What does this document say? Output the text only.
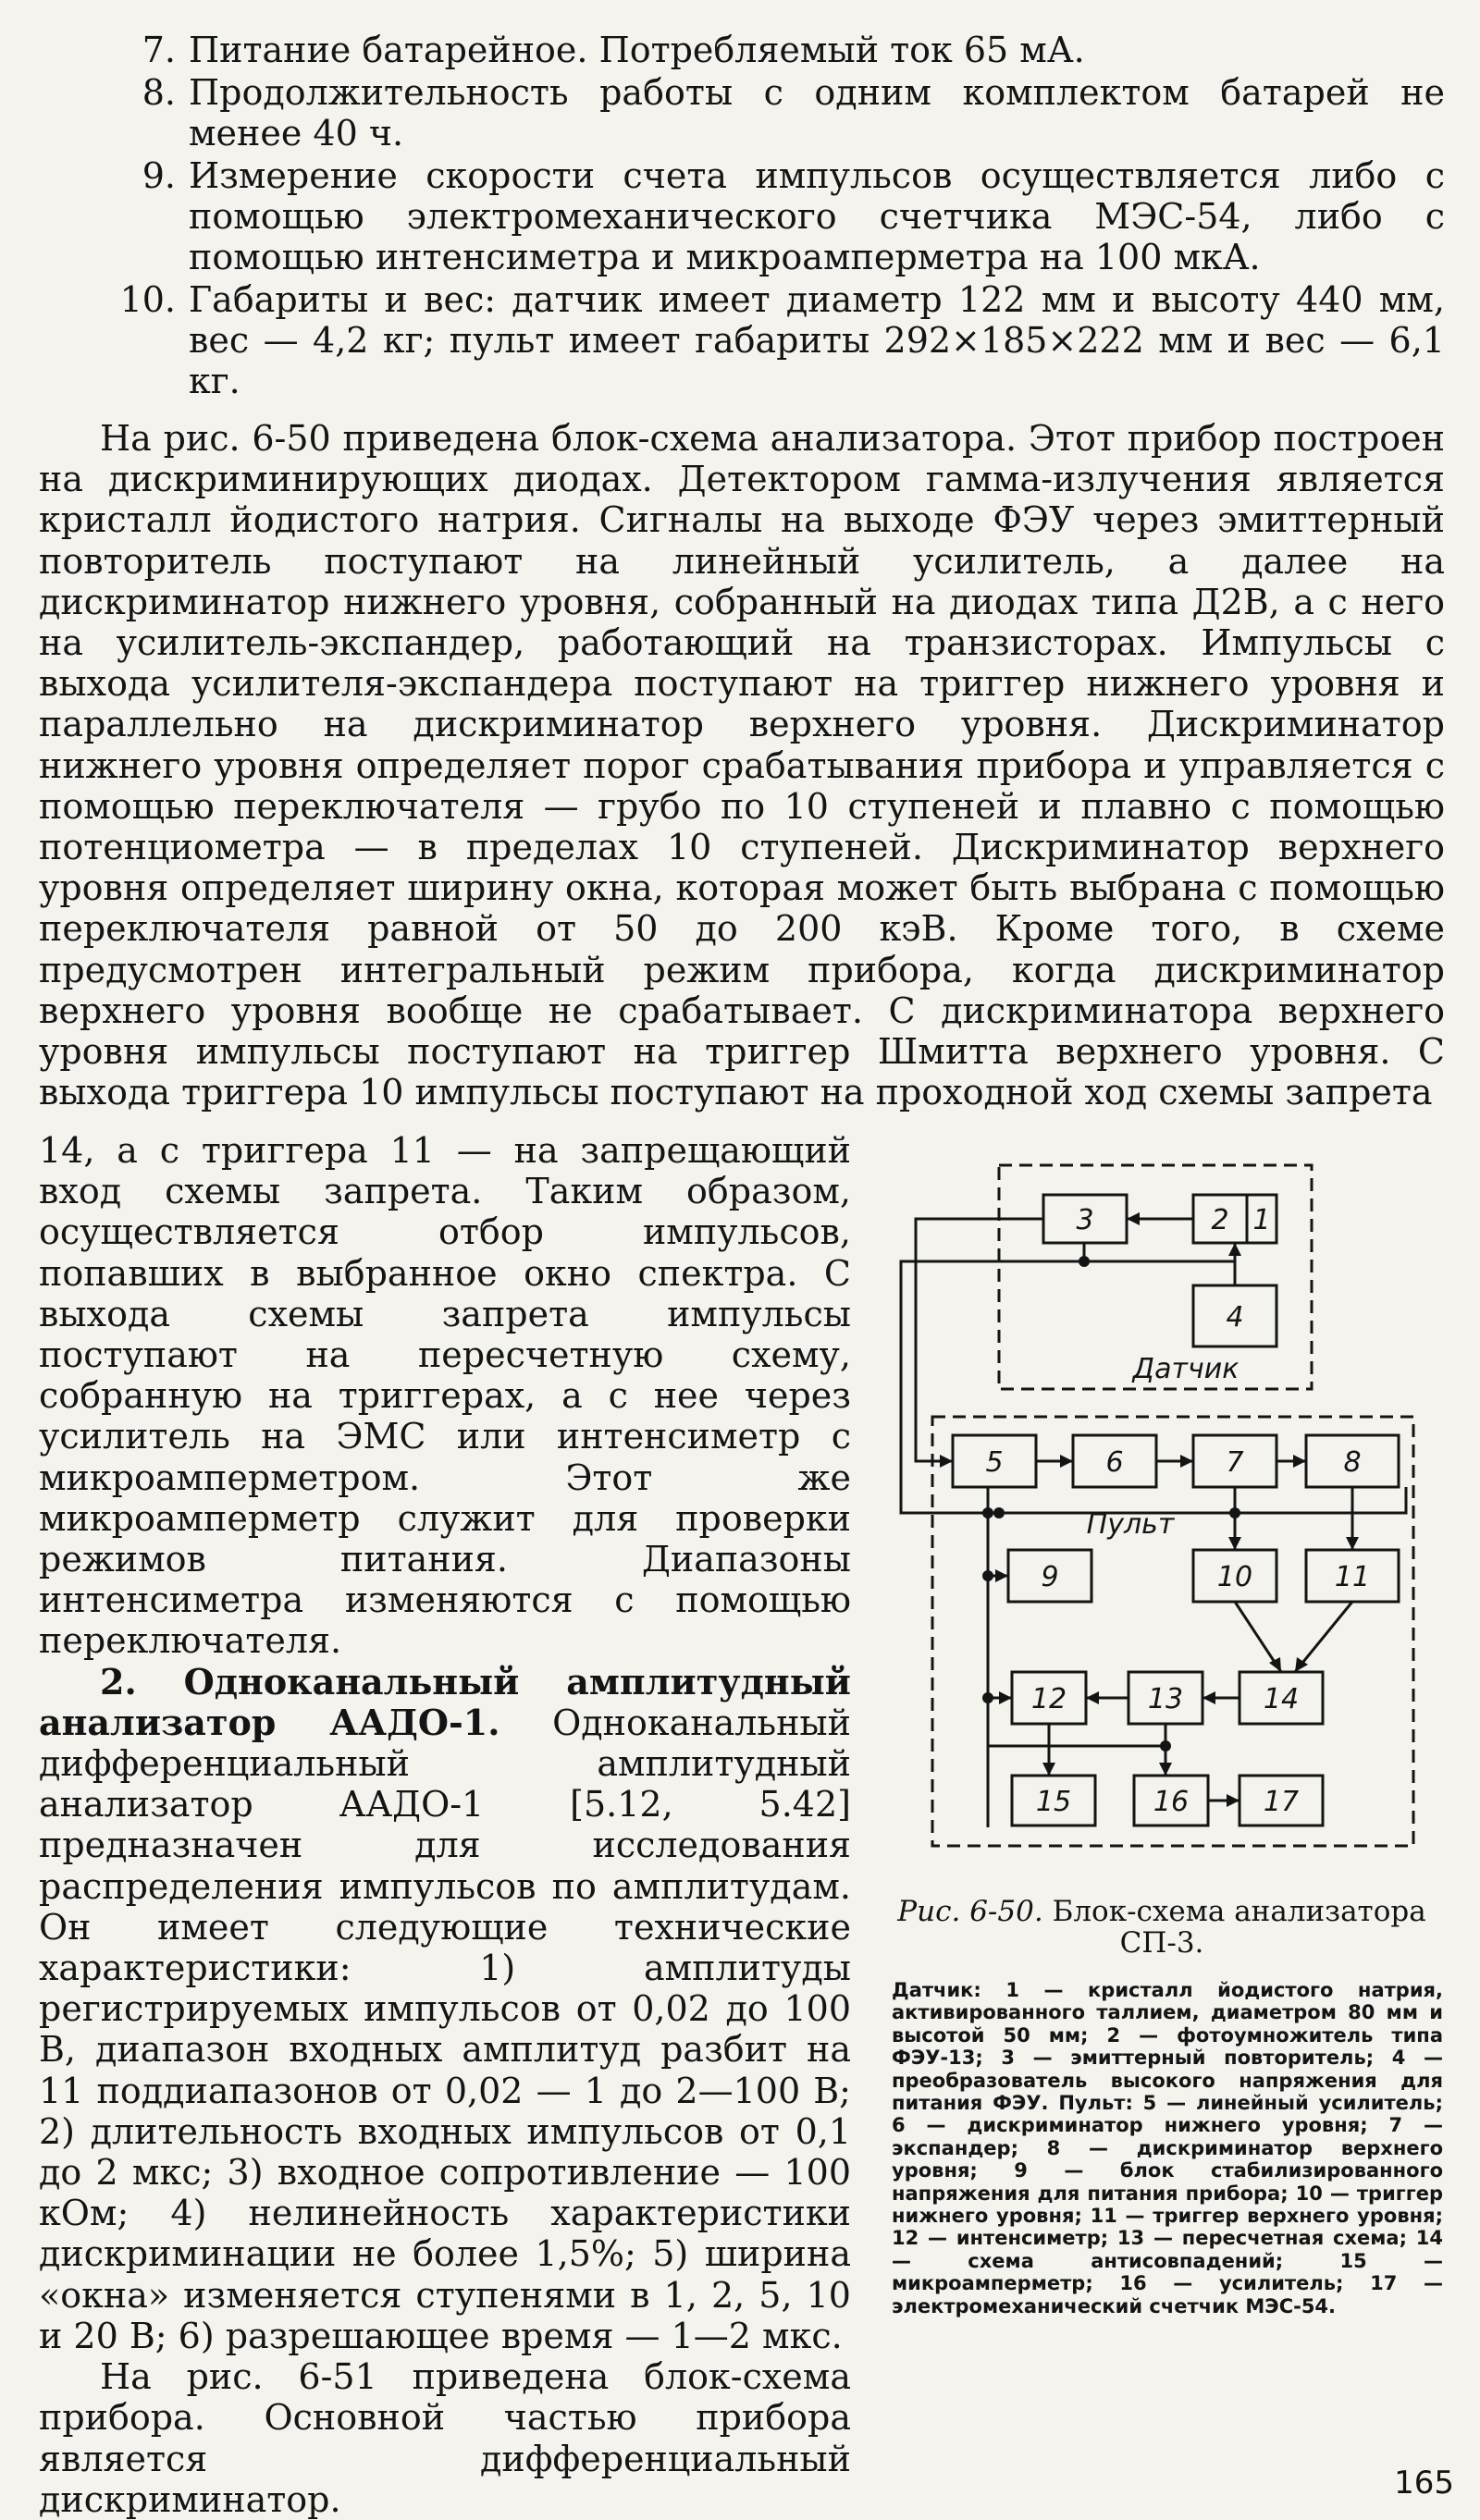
7. Питание батарейное. Потребляемый ток 65 мА.
8. Продолжительность работы с одним комплектом батарей не менее 40 ч.
9. Измерение скорости счета импульсов осуществляется либо с помощью электромеханического счетчика МЭС-54, либо с помощью интенсиметра и микроамперметра на 100 мкА.
10. Габариты и вес: датчик имеет диаметр 122 мм и высоту 440 мм, вес — 4,2 кг; пульт имеет габариты 292×185×222 мм и вес — 6,1 кг.

На рис. 6-50 приведена блок-схема анализатора. Этот прибор построен на дискриминирующих диодах. Детектором гамма-излучения является кристалл йодистого натрия. Сигналы на выходе ФЭУ через эмиттерный повторитель поступают на линейный усилитель, а далее на дискриминатор нижнего уровня, собранный на диодах типа Д2В, а с него на усилитель-экспандер, работающий на транзисторах. Импульсы с выхода усилителя-экспандера поступают на триггер нижнего уровня и параллельно на дискриминатор верхнего уровня. Дискриминатор нижнего уровня определяет порог срабатывания прибора и управляется с помощью переключателя — грубо по 10 ступеней и плавно с помощью потенциометра — в пределах 10 ступеней. Дискриминатор верхнего уровня определяет ширину окна, которая может быть выбрана с помощью переключателя равной от 50 до 200 кэВ. Кроме того, в схеме предусмотрен интегральный режим прибора, когда дискриминатор верхнего уровня вообще не срабатывает. С дискриминатора верхнего уровня импульсы поступают на триггер Шмитта верхнего уровня. С выхода триггера 10 импульсы поступают на проходной ход схемы запрета

14, а с триггера 11 — на запрещающий вход схемы запрета. Таким образом, осуществляется отбор импульсов, попавших в выбранное окно спектра. С выхода схемы запрета импульсы поступают на пересчетную схему, собранную на триггерах, а с нее через усилитель на ЭМС или интенсиметр с микроамперметром. Этот же микроамперметр служит для проверки режимов питания. Диапазоны интенсиметра изменяются с помощью переключателя.

2. Одноканальный амплитудный анализатор ААДО-1. Одноканальный дифференциальный амплитудный анализатор ААДО-1 [5.12, 5.42] предназначен для исследования распределения импульсов по амплитудам. Он имеет следующие технические характеристики: 1) амплитуды регистрируемых импульсов от 0,02 до 100 В, диапазон входных амплитуд разбит на 11 поддиапазонов от 0,02 — 1 до 2—100 В; 2) длительность входных импульсов от 0,1 до 2 мкс; 3) входное сопротивление — 100 кОм; 4) нелинейность характеристики дискриминации не более 1,5%; 5) ширина «окна» изменяется ступенями в 1, 2, 5, 10 и 20 В; 6) разрешающее время — 1—2 мкс.

На рис. 6-51 приведена блок-схема прибора. Основной частью прибора является дифференциальный дискриминатор.

3	2 1
4
5	6	7	8
9	10	11
12	13	14
15	16	17
Датчик
Пульт
Рис. 6-50. Блок-схема анализатора СП-3.
Датчик: 1 — кристалл йодистого натрия, активированного таллием, диаметром 80 мм и высотой 50 мм; 2 — фотоумножитель типа ФЭУ-13; 3 — эмиттерный повторитель; 4 — преобразователь высокого напряжения для питания ФЭУ. Пульт: 5 — линейный усилитель; 6 — дискриминатор нижнего уровня; 7 — экспандер; 8 — дискриминатор верхнего уровня; 9 — блок стабилизированного напряжения для питания прибора; 10 — триггер нижнего уровня; 11 — триггер верхнего уровня; 12 — интенсиметр; 13 — пересчетная схема; 14 — схема антисовпадений; 15 — микроамперметр; 16 — усилитель; 17 — электромеханический счетчик МЭС-54.
165
